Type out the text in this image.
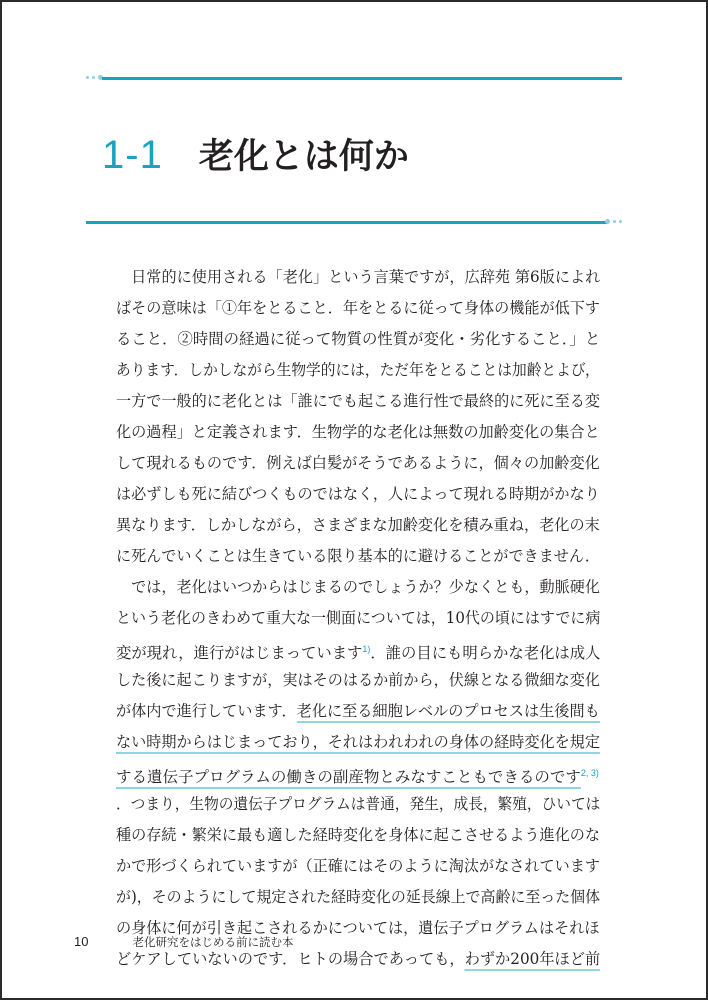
1-1 老化とは何か
　日常的に使用される「老化」という言葉ですが，広辞苑 第6版によれ
ばその意味は「①年をとること．年をとるに従って身体の機能が低下す
ること．②時間の経過に従って物質の性質が変化・劣化すること．」と
あります．しかしながら生物学的には，ただ年をとることは加齢とよび，
一方で一般的に老化とは「誰にでも起こる進行性で最終的に死に至る変
化の過程」と定義されます．生物学的な老化は無数の加齢変化の集合と
して現れるものです．例えば白髪がそうであるように，個々の加齢変化
は必ずしも死に結びつくものではなく，人によって現れる時期がかなり
異なります．しかしながら，さまざまな加齢変化を積み重ね，老化の末
に死んでいくことは生きている限り基本的に避けることができません．
　では，老化はいつからはじまるのでしょうか？少なくとも，動脈硬化
という老化のきわめて重大な一側面については，10代の頃にはすでに病
変が現れ，進行がはじまっています$^{1)}$．誰の目にも明らかな老化は成人
した後に起こりますが，実はそのはるか前から，伏線となる微細な変化
が体内で進行しています．老化に至る細胞レベルのプロセスは生後間も
ない時期からはじまっており，それはわれわれの身体の経時変化を規定
する遺伝子プログラムの働きの副産物とみなすこともできるのです$^{2, 3)}$
．つまり，生物の遺伝子プログラムは普通，発生，成長，繁殖，ひいては
種の存続・繁栄に最も適した経時変化を身体に起こさせるよう進化のな
かで形づくられていますが（正確にはそのように淘汰がなされています
が)，そのようにして規定された経時変化の延長線上で高齢に至った個体
の身体に何が引き起こされるかについては，遺伝子プログラムはそれほ
どケアしていないのです．ヒトの場合であっても，わずか200年ほど前
10	老化研究をはじめる前に読む本
